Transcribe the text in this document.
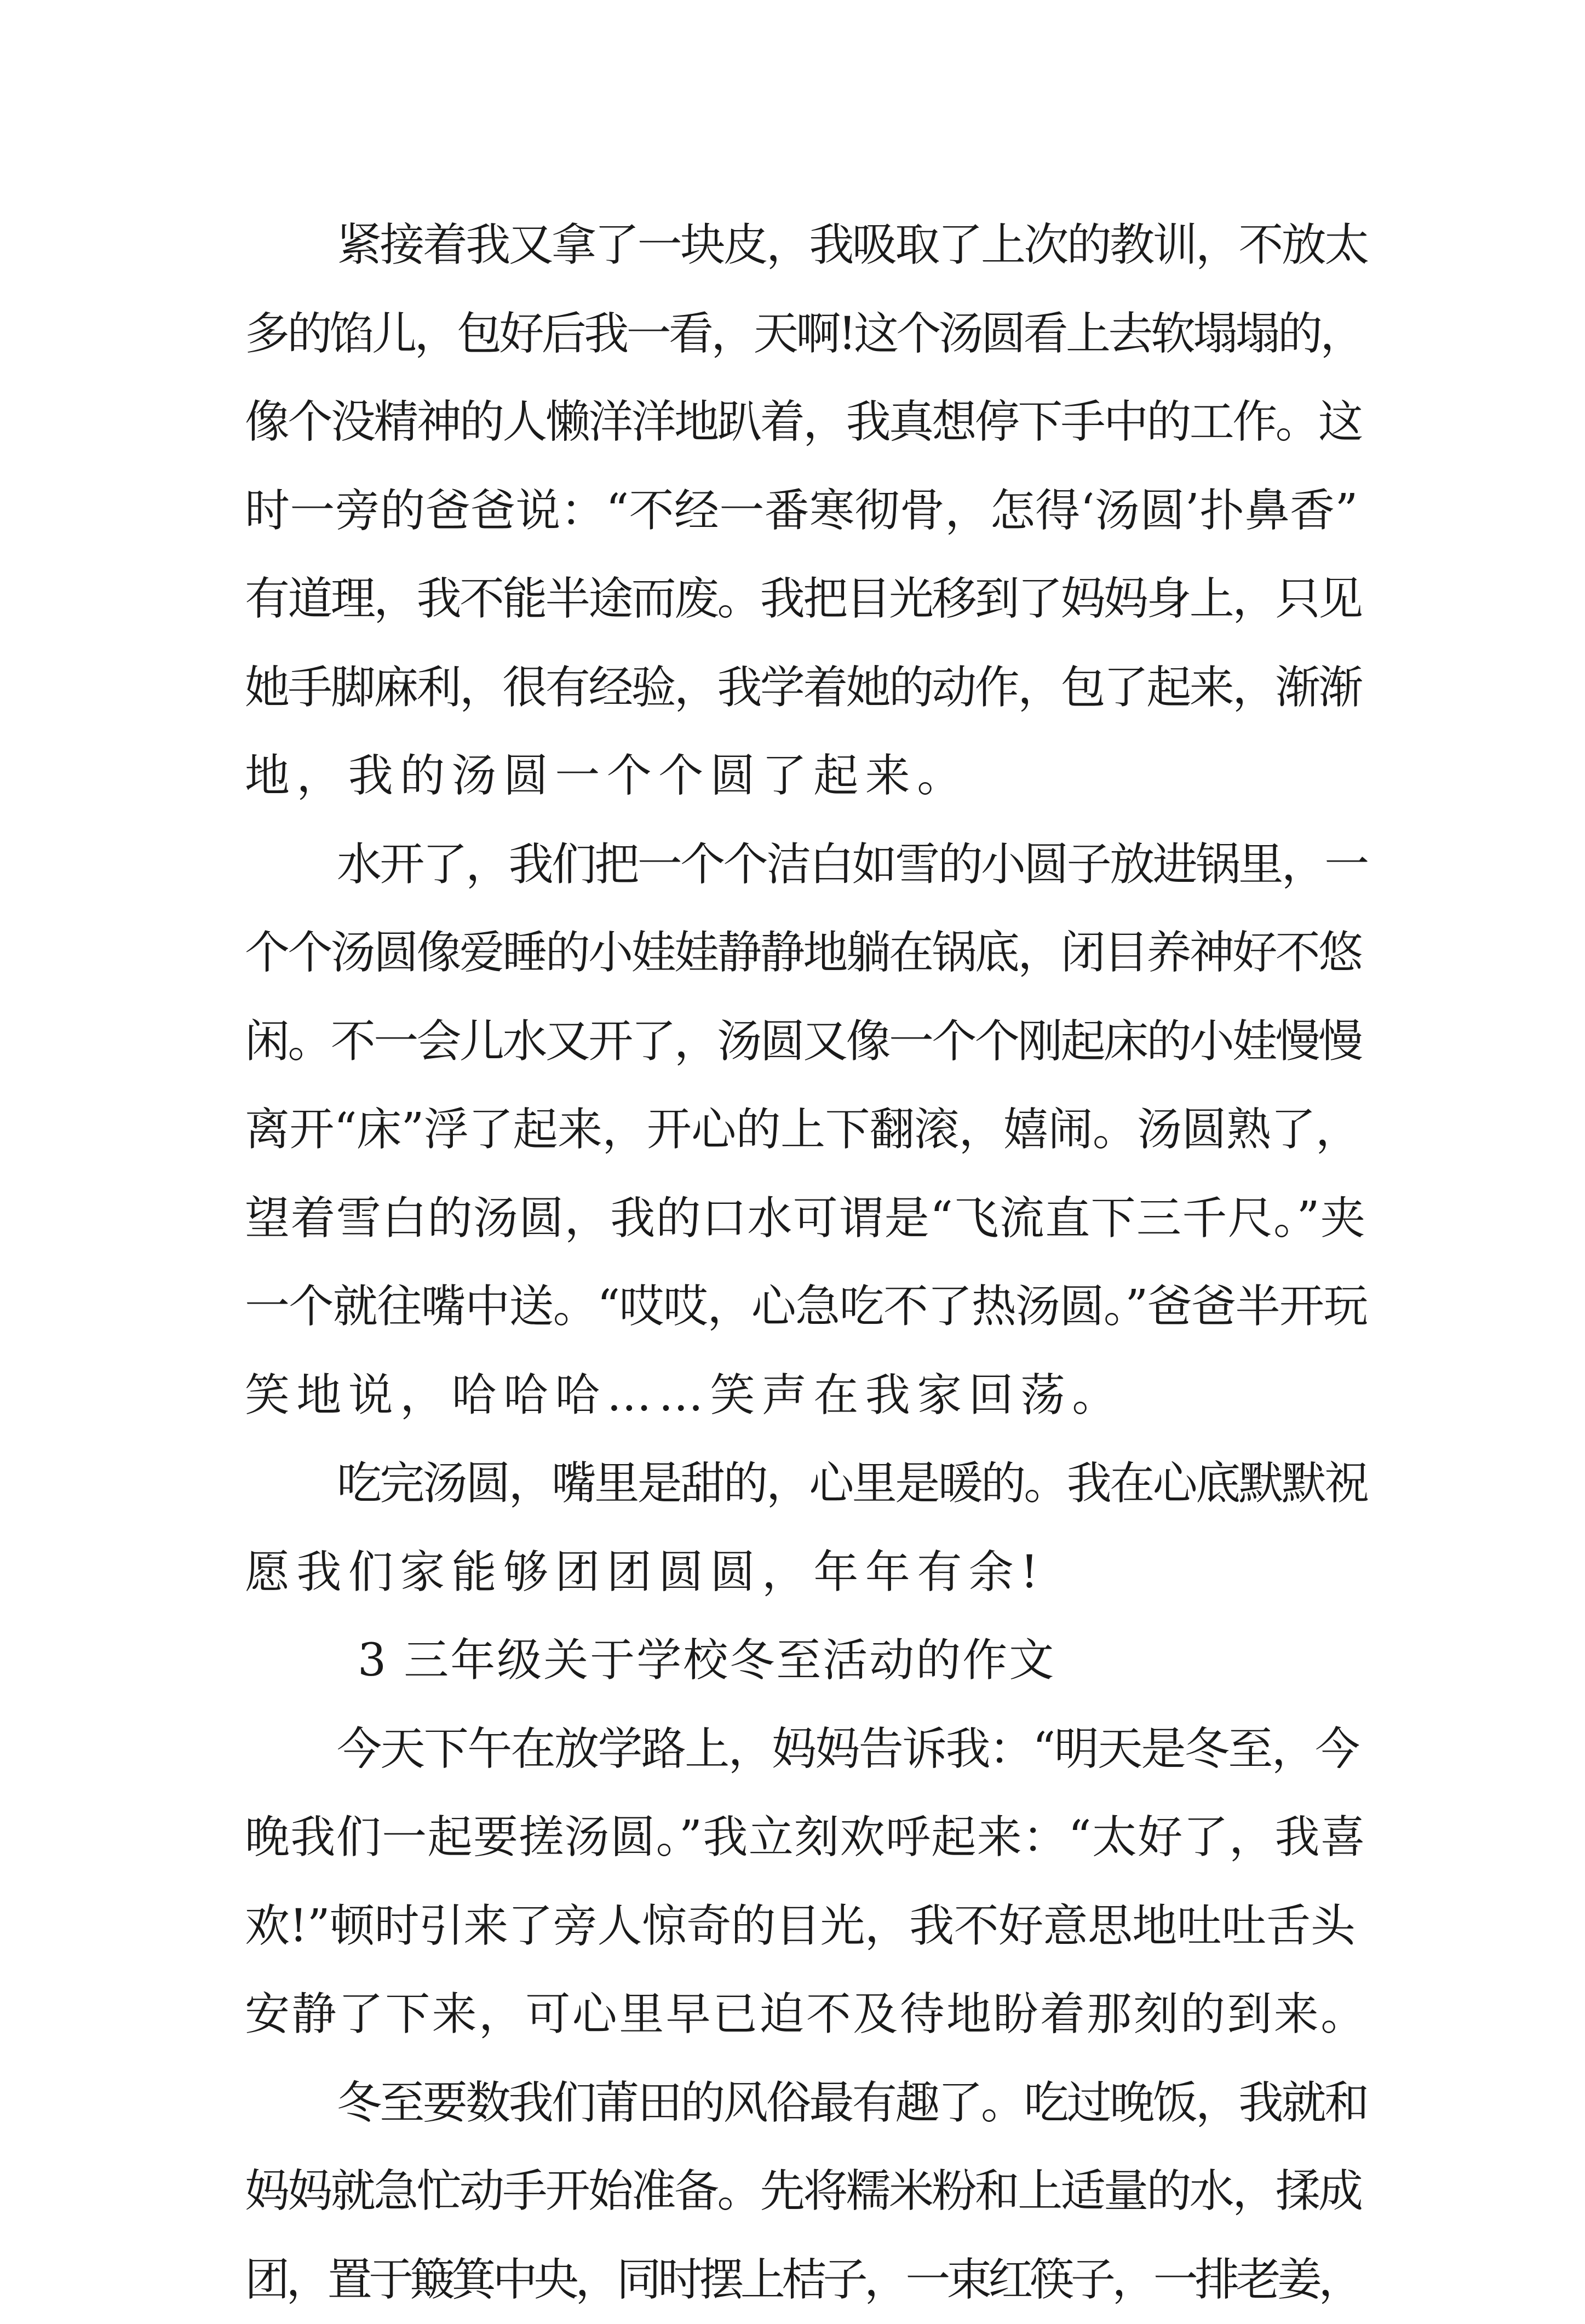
紧接着我又拿了一块皮，我吸取了上次的教训，不放太
多的馅儿，包好后我一看，天啊!这个汤圆看上去软塌塌的，
像个没精神的人懒洋洋地趴着，我真想停下手中的工作。这
时一旁的爸爸说：“不经一番寒彻骨，怎得‘汤圆’扑鼻香”
有道理，我不能半途而废。我把目光移到了妈妈身上，只见
她手脚麻利，很有经验，我学着她的动作，包了起来，渐渐
地，我的汤圆一个个圆了起来。
水开了，我们把一个个洁白如雪的小圆子放进锅里，一
个个汤圆像爱睡的小娃娃静静地躺在锅底，闭目养神好不悠
闲。不一会儿水又开了，汤圆又像一个个刚起床的小娃慢慢
离开“床”浮了起来，开心的上下翻滚，嬉闹。汤圆熟了，
望着雪白的汤圆，我的口水可谓是“飞流直下三千尺。”夹
一个就往嘴中送。“哎哎，心急吃不了热汤圆。”爸爸半开玩
笑地说，哈哈哈……笑声在我家回荡。
吃完汤圆，嘴里是甜的，心里是暖的。我在心底默默祝
愿我们家能够团团圆圆，年年有余!
3 三年级关于学校冬至活动的作文
今天下午在放学路上，妈妈告诉我：“明天是冬至，今
晚我们一起要搓汤圆。”我立刻欢呼起来：“太好了，我喜
欢!”顿时引来了旁人惊奇的目光，我不好意思地吐吐舌头
安静了下来，可心里早已迫不及待地盼着那刻的到来。
冬至要数我们莆田的风俗最有趣了。吃过晚饭，我就和
妈妈就急忙动手开始准备。先将糯米粉和上适量的水，揉成
团，置于簸箕中央，同时摆上桔子，一束红筷子，一排老姜，
